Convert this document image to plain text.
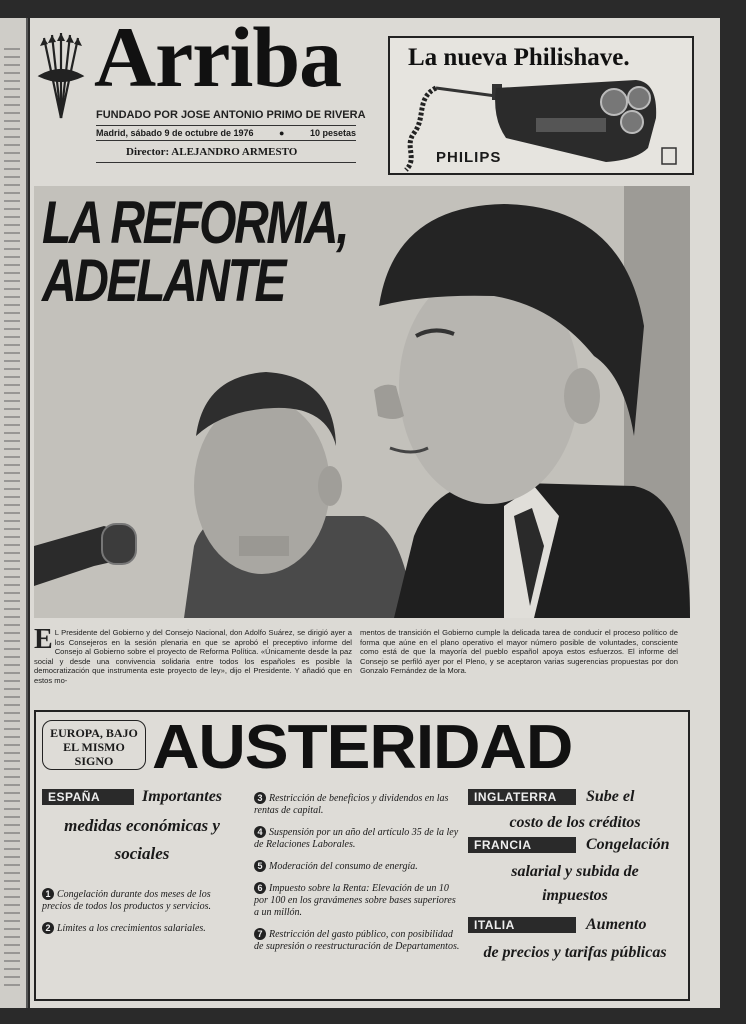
Arriba
FUNDADO POR JOSE ANTONIO PRIMO DE RIVERA
Madrid, sábado 9 de octubre de 1976	●	10 pesetas
Director: ALEJANDRO ARMESTO
La nueva Philishave.
PHILIPS
LA REFORMA,
ADELANTE
E L Presidente del Gobierno y del Consejo Nacional, don Adolfo Suárez, se dirigió ayer a los Consejeros en la sesión plenaria en que se aprobó el preceptivo informe del Consejo al Gobierno sobre el proyecto de Reforma Política. «Únicamente desde la paz social y desde una convivencia solidaria entre todos los españoles es posible la democratización que instrumenta este proyecto de ley», dijo el Presidente. Y añadió que en estos mo-
mentos de transición el Gobierno cumple la delicada tarea de conducir el proceso político de forma que aúne en el plano operativo el mayor número posible de voluntades, consciente como está de que la mayoría del pueblo español apoya estos esfuerzos. El informe del Consejo se perfiló ayer por el Pleno, y se aceptaron varias sugerencias propuestas por don Gonzalo Fernández de la Mora.
EUROPA, BAJO EL MISMO SIGNO AUSTERIDAD
ESPAÑA	Importantes
medidas económicas y sociales
1 Congelación durante dos meses de los precios de todos los productos y servicios.
2 Límites a los crecimientos salariales.
3 Restricción de beneficios y dividendos en las rentas de capital.
4 Suspensión por un año del artículo 35 de la ley de Relaciones Laborales.
5 Moderación del consumo de energía.
6 Impuesto sobre la Renta: Elevación de un 10 por 100 en los gravámenes sobre bases superiores a un millón.
7 Restricción del gasto público, con posibilidad de supresión o reestructuración de Departamentos.
INGLATERRA	Sube el
costo de los créditos
FRANCIA	Congelación
salarial y subida de impuestos
ITALIA	Aumento
de precios y tarifas públicas
